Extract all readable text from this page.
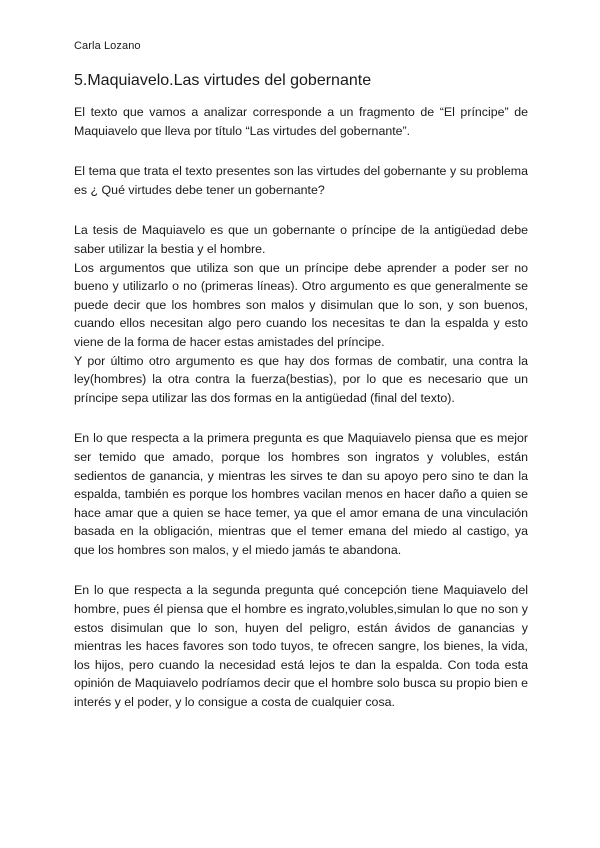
Carla Lozano
5.Maquiavelo.Las virtudes del gobernante

El texto que vamos a analizar corresponde a un fragmento de “El príncipe” de Maquiavelo que lleva por título “Las virtudes del gobernante”.

El tema que trata el texto presentes son las virtudes del gobernante y su problema es ¿ Qué virtudes debe tener un gobernante?

La tesis de Maquiavelo es que un gobernante o príncipe de la antigüedad debe saber utilizar la bestia y el hombre.
Los argumentos que utiliza son que un príncipe debe aprender a poder ser no bueno y utilizarlo o no (primeras líneas). Otro argumento es que generalmente se puede decir que los hombres son malos y disimulan que lo son, y son buenos, cuando ellos necesitan algo pero cuando los necesitas te dan la espalda y esto viene de la forma de hacer estas amistades del príncipe.
Y por último otro argumento es que hay dos formas de combatir, una contra la ley(hombres) la otra contra la fuerza(bestias), por lo que es necesario que un príncipe sepa utilizar las dos formas en la antigüedad (final del texto).

En lo que respecta a la primera pregunta es que Maquiavelo piensa que es mejor ser temido que amado, porque los hombres son ingratos y volubles, están sedientos de ganancia, y mientras les sirves te dan su apoyo pero sino te dan la espalda, también es porque los hombres vacilan menos en hacer daño a quien se hace amar que a quien se hace temer, ya que el amor emana de una vinculación basada en la obligación, mientras que el temer emana del miedo al castigo, ya que los hombres son malos, y el miedo jamás te abandona.

En lo que respecta a la segunda pregunta qué concepción tiene Maquiavelo del hombre, pues él piensa que el hombre es ingrato,volubles,simulan lo que no son y estos disimulan que lo son, huyen del peligro, están ávidos de ganancias y mientras les haces favores son todo tuyos, te ofrecen sangre, los bienes, la vida, los hijos, pero cuando la necesidad está lejos te dan la espalda. Con toda esta opinión de Maquiavelo podríamos decir que el hombre solo busca su propio bien e interés y el poder, y lo consigue a costa de cualquier cosa.
